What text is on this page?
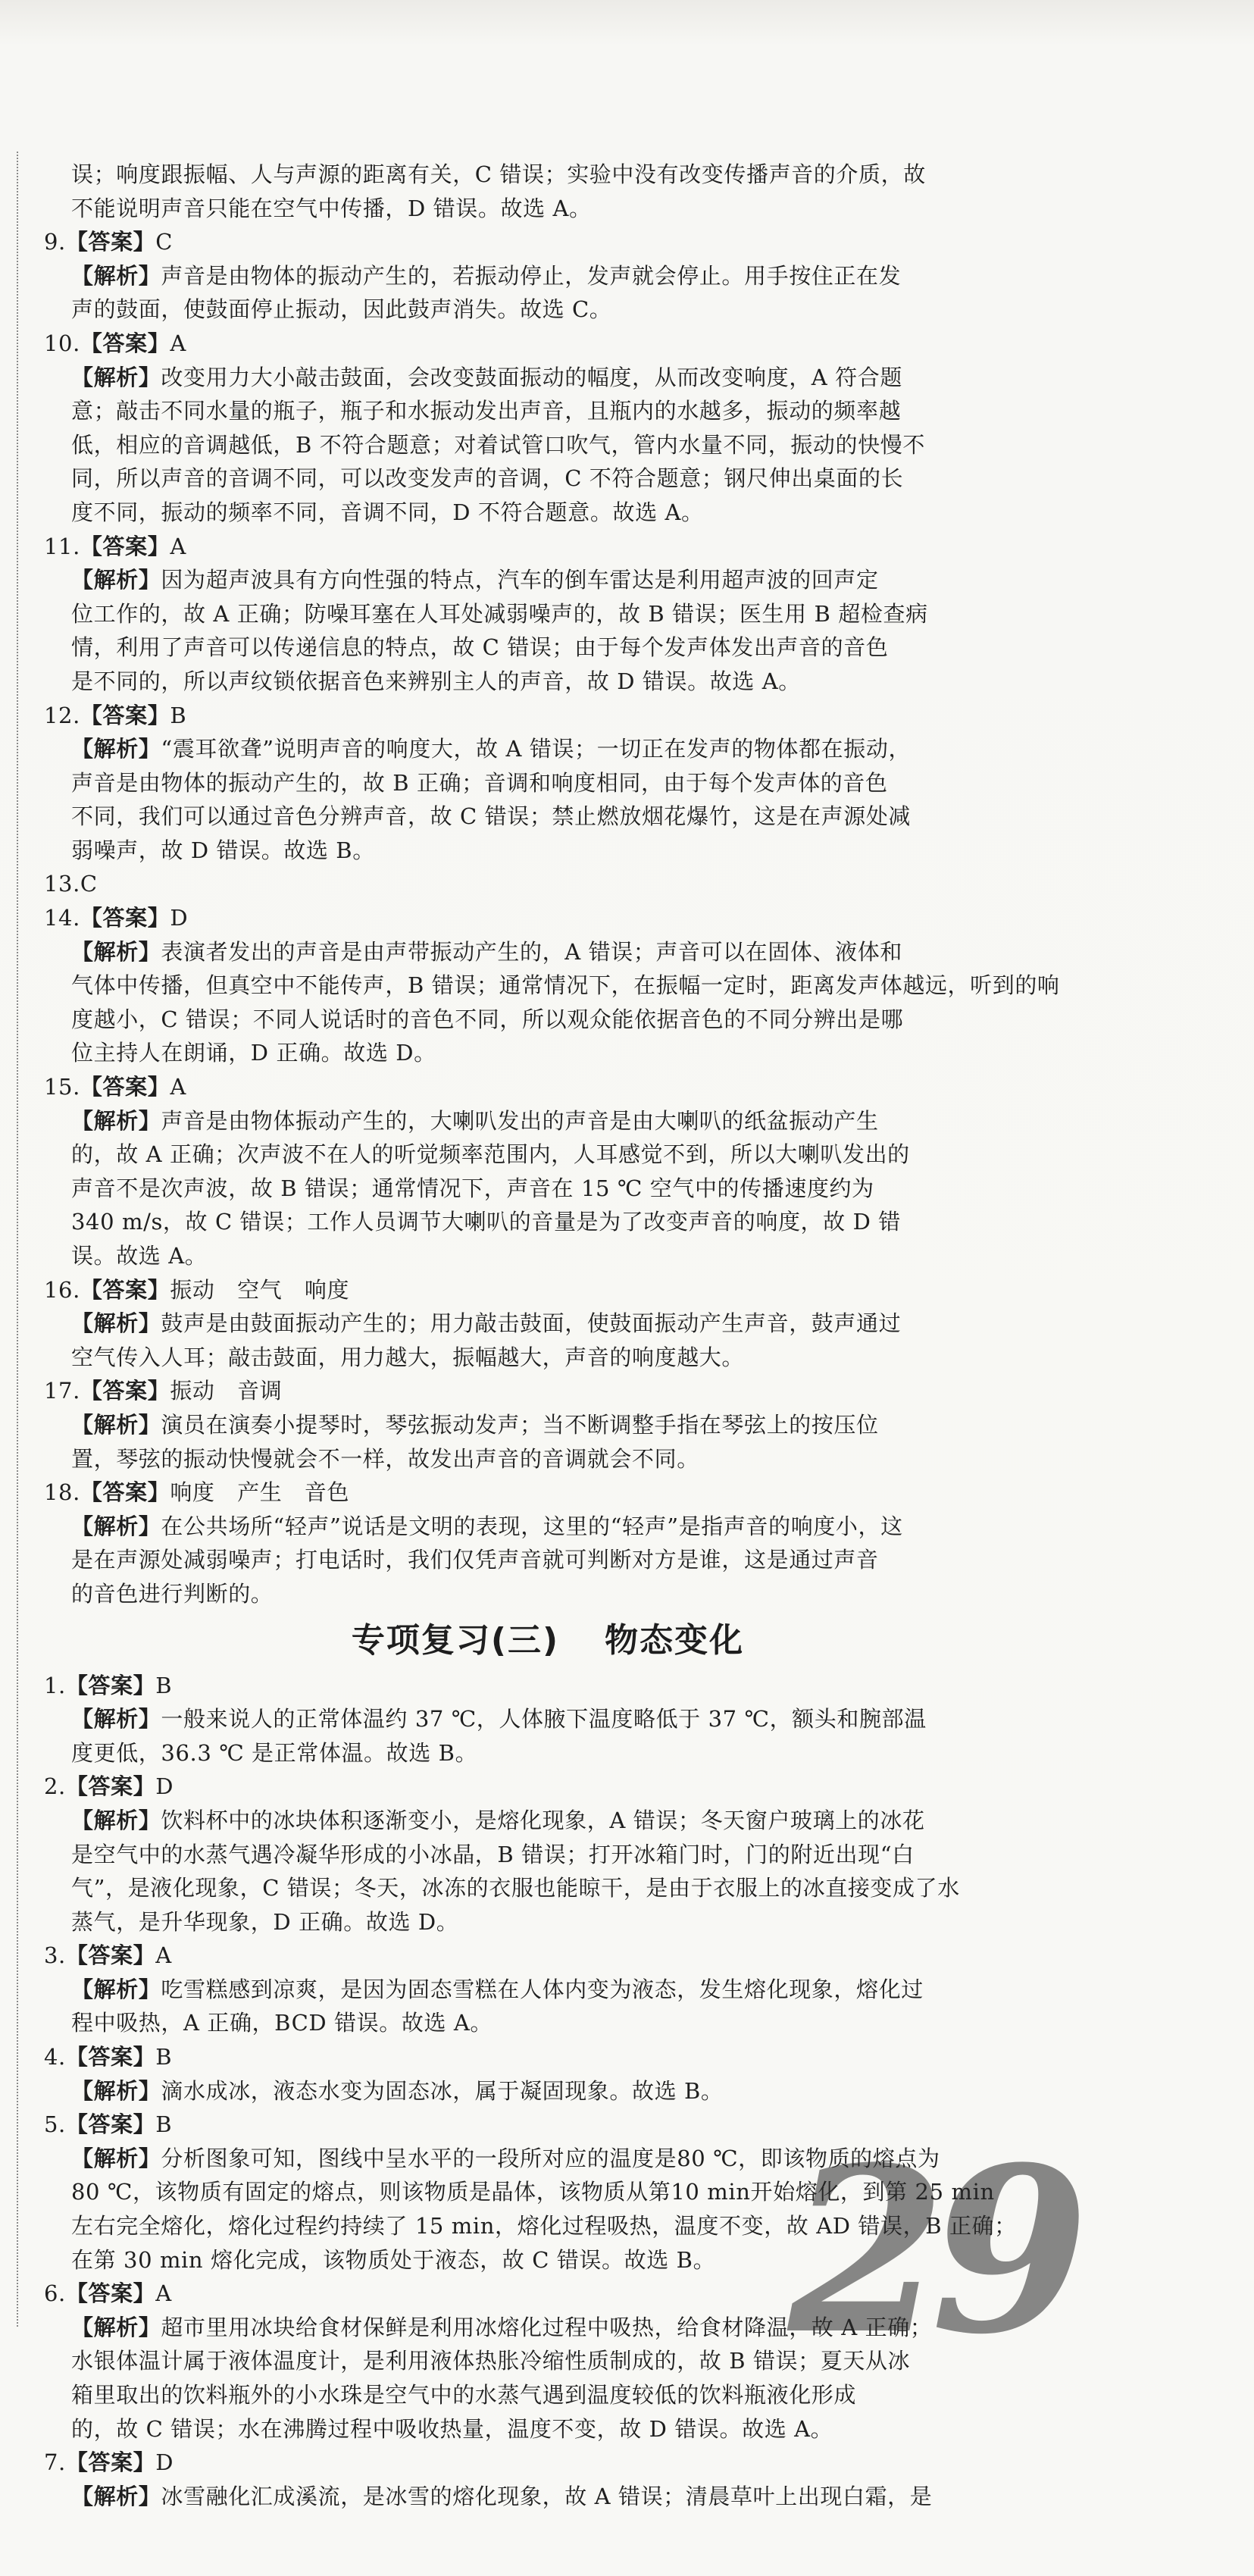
误；响度跟振幅、人与声源的距离有关，C 错误；实验中没有改变传播声音的介质，故
不能说明声音只能在空气中传播，D 错误。故选 A。
9.【答案】C
【解析】声音是由物体的振动产生的，若振动停止，发声就会停止。用手按住正在发
声的鼓面，使鼓面停止振动，因此鼓声消失。故选 C。
10.【答案】A
【解析】改变用力大小敲击鼓面，会改变鼓面振动的幅度，从而改变响度，A 符合题
意；敲击不同水量的瓶子，瓶子和水振动发出声音，且瓶内的水越多，振动的频率越
低，相应的音调越低，B 不符合题意；对着试管口吹气，管内水量不同，振动的快慢不
同，所以声音的音调不同，可以改变发声的音调，C 不符合题意；钢尺伸出桌面的长
度不同，振动的频率不同，音调不同，D 不符合题意。故选 A。
11.【答案】A
【解析】因为超声波具有方向性强的特点，汽车的倒车雷达是利用超声波的回声定
位工作的，故 A 正确；防噪耳塞在人耳处减弱噪声的，故 B 错误；医生用 B 超检查病
情，利用了声音可以传递信息的特点，故 C 错误；由于每个发声体发出声音的音色
是不同的，所以声纹锁依据音色来辨别主人的声音，故 D 错误。故选 A。
12.【答案】B
【解析】“震耳欲聋”说明声音的响度大，故 A 错误；一切正在发声的物体都在振动，
声音是由物体的振动产生的，故 B 正确；音调和响度相同，由于每个发声体的音色
不同，我们可以通过音色分辨声音，故 C 错误；禁止燃放烟花爆竹，这是在声源处减
弱噪声，故 D 错误。故选 B。
13.C
14.【答案】D
【解析】表演者发出的声音是由声带振动产生的，A 错误；声音可以在固体、液体和
气体中传播，但真空中不能传声，B 错误；通常情况下，在振幅一定时，距离发声体越远，听到的响
度越小，C 错误；不同人说话时的音色不同，所以观众能依据音色的不同分辨出是哪
位主持人在朗诵，D 正确。故选 D。
15.【答案】A
【解析】声音是由物体振动产生的，大喇叭发出的声音是由大喇叭的纸盆振动产生
的，故 A 正确；次声波不在人的听觉频率范围内，人耳感觉不到，所以大喇叭发出的
声音不是次声波，故 B 错误；通常情况下，声音在 15 ℃ 空气中的传播速度约为
340 m/s，故 C 错误；工作人员调节大喇叭的音量是为了改变声音的响度，故 D 错
误。故选 A。
16.【答案】振动　空气　响度
【解析】鼓声是由鼓面振动产生的；用力敲击鼓面，使鼓面振动产生声音，鼓声通过
空气传入人耳；敲击鼓面，用力越大，振幅越大，声音的响度越大。
17.【答案】振动　音调
【解析】演员在演奏小提琴时，琴弦振动发声；当不断调整手指在琴弦上的按压位
置，琴弦的振动快慢就会不一样，故发出声音的音调就会不同。
18.【答案】响度　产生　音色
【解析】在公共场所“轻声”说话是文明的表现，这里的“轻声”是指声音的响度小，这
是在声源处减弱噪声；打电话时，我们仅凭声音就可判断对方是谁，这是通过声音
的音色进行判断的。
专项复习(三) 物态变化
1.【答案】B
【解析】一般来说人的正常体温约 37 ℃，人体腋下温度略低于 37 ℃，额头和腕部温
度更低，36.3 ℃ 是正常体温。故选 B。
2.【答案】D
【解析】饮料杯中的冰块体积逐渐变小，是熔化现象，A 错误；冬天窗户玻璃上的冰花
是空气中的水蒸气遇冷凝华形成的小冰晶，B 错误；打开冰箱门时，门的附近出现“白
气”，是液化现象，C 错误；冬天，冰冻的衣服也能晾干，是由于衣服上的冰直接变成了水
蒸气，是升华现象，D 正确。故选 D。
3.【答案】A
【解析】吃雪糕感到凉爽，是因为固态雪糕在人体内变为液态，发生熔化现象，熔化过
程中吸热，A 正确，BCD 错误。故选 A。
4.【答案】B
【解析】滴水成冰，液态水变为固态冰，属于凝固现象。故选 B。
5.【答案】B
【解析】分析图象可知，图线中呈水平的一段所对应的温度是80 ℃，即该物质的熔点为
80 ℃，该物质有固定的熔点，则该物质是晶体，该物质从第10 min开始熔化，到第 25 min
左右完全熔化，熔化过程约持续了 15 min，熔化过程吸热，温度不变，故 AD 错误，B 正确；
在第 30 min 熔化完成，该物质处于液态，故 C 错误。故选 B。
6.【答案】A
【解析】超市里用冰块给食材保鲜是利用冰熔化过程中吸热，给食材降温，故 A 正确；
水银体温计属于液体温度计，是利用液体热胀冷缩性质制成的，故 B 错误；夏天从冰
箱里取出的饮料瓶外的小水珠是空气中的水蒸气遇到温度较低的饮料瓶液化形成
的，故 C 错误；水在沸腾过程中吸收热量，温度不变，故 D 错误。故选 A。
7.【答案】D
【解析】冰雪融化汇成溪流，是冰雪的熔化现象，故 A 错误；清晨草叶上出现白霜，是
29
